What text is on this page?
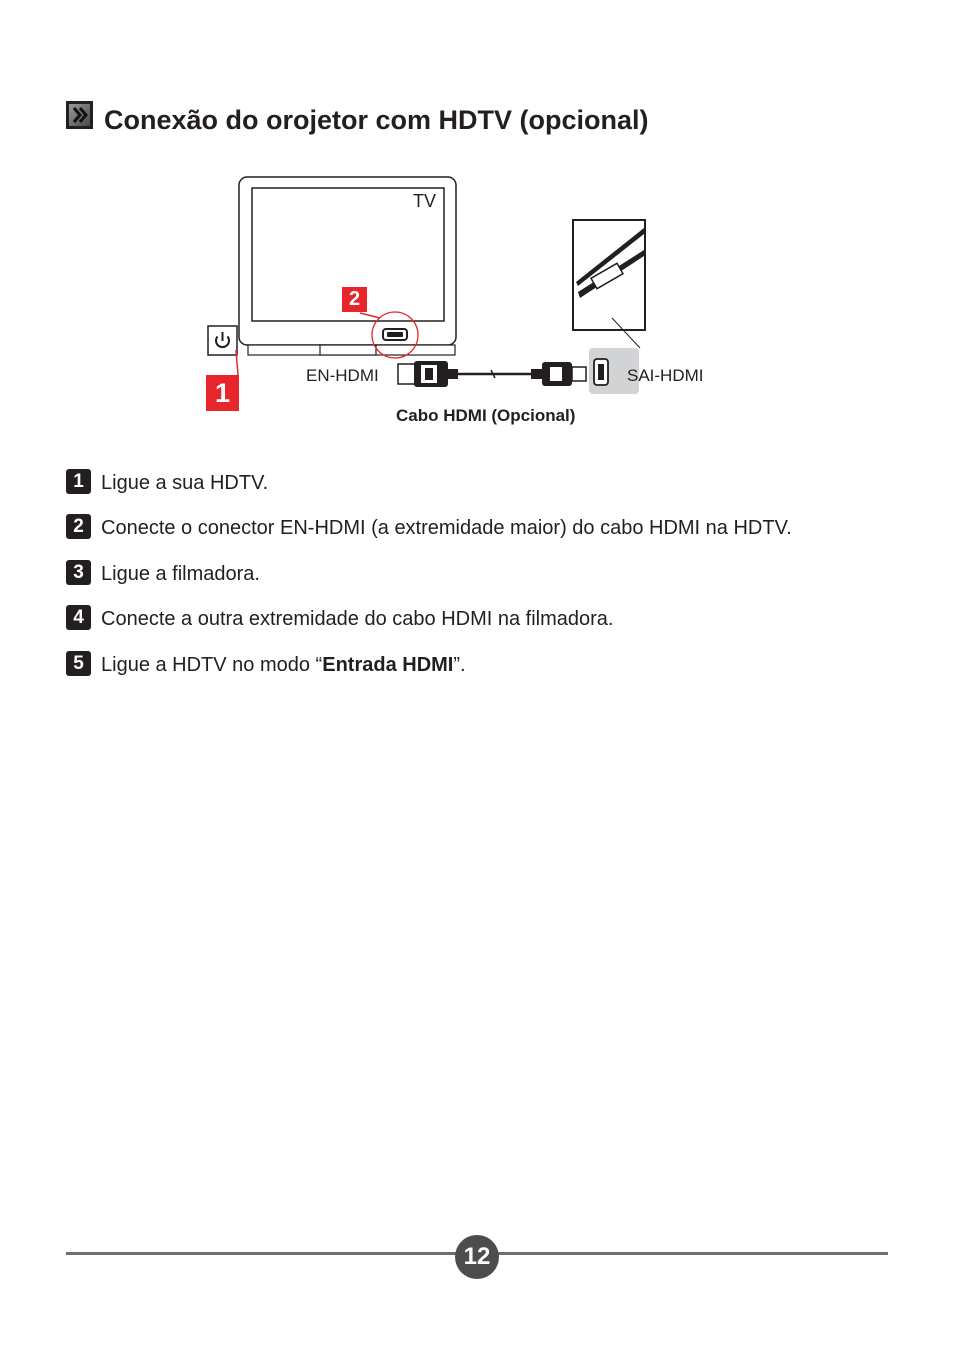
Conexão do orojetor com HDTV (opcional)
TV
EN-HDMI	SAI-HDMI
Cabo HDMI (Opcional)
2
1
1 Ligue a sua HDTV.
2 Conecte o conector EN-HDMI (a extremidade maior) do cabo HDMI na HDTV.
3 Ligue a filmadora.
4 Conecte a outra extremidade do cabo HDMI na filmadora.
5 Ligue a HDTV no modo “Entrada HDMI”.
12
